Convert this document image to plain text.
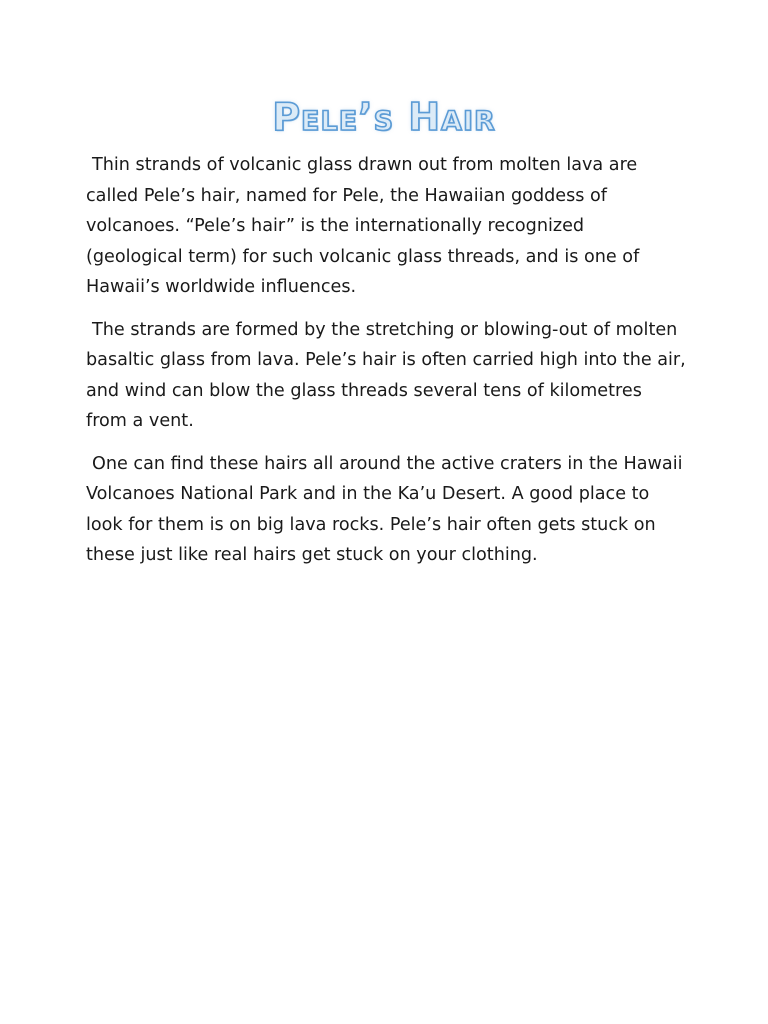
Pele’s Hair

Thin strands of volcanic glass drawn out from molten lava are called Pele’s hair, named for Pele, the Hawaiian goddess of volcanoes. “Pele’s hair” is the internationally recognized (geological term) for such volcanic glass threads, and is one of Hawaii’s worldwide influences.

The strands are formed by the stretching or blowing-out of molten basaltic glass from lava. Pele’s hair is often carried high into the air, and wind can blow the glass threads several tens of kilometres from a vent.

One can find these hairs all around the active craters in the Hawaii Volcanoes National Park and in the Ka’u Desert. A good place to look for them is on big lava rocks. Pele’s hair often gets stuck on these just like real hairs get stuck on your clothing.
